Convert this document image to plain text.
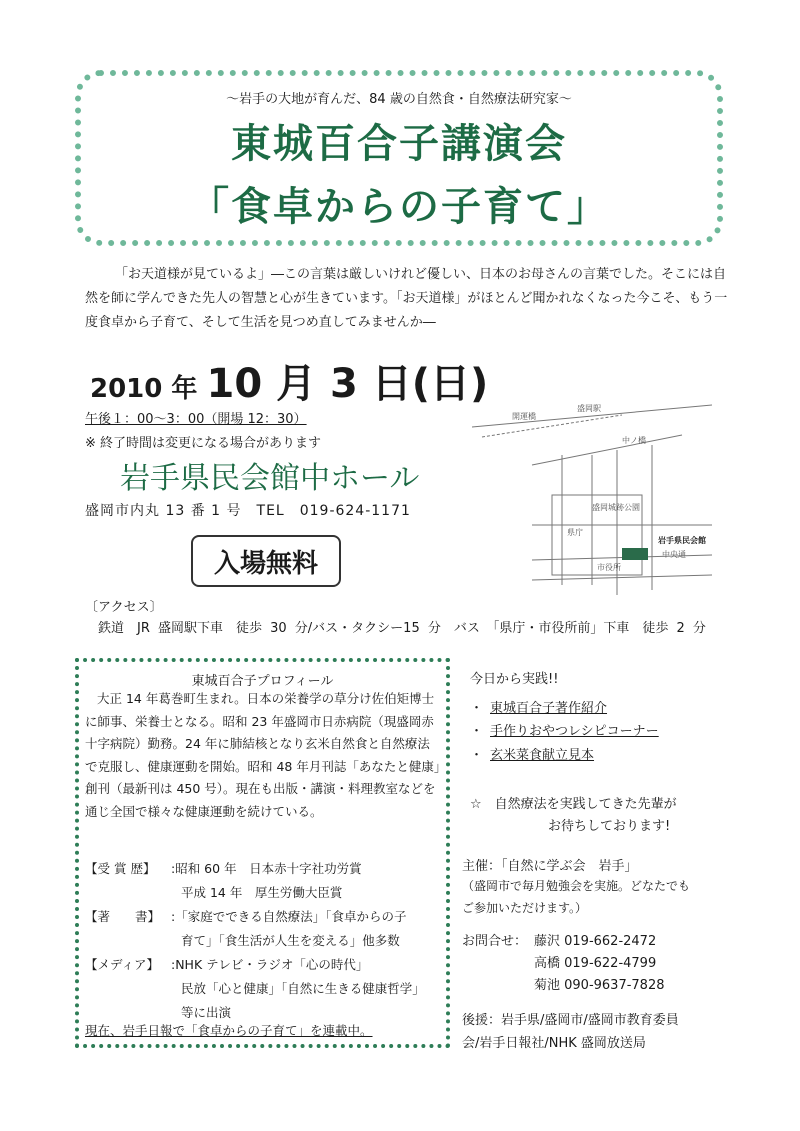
～岩手の大地が育んだ、84 歳の自然食・自然療法研究家～
東城百合子講演会
「食卓からの子育て」
「お天道様が見ているよ」―この言葉は厳しいけれど優しい、日本のお母さんの言葉でした。そこには自然を師に学んできた先人の智慧と心が生きています。「お天道様」がほとんど聞かれなくなった今こそ、もう一度食卓から子育て、そして生活を見つめ直してみませんか―
2010 年 10 月 3 日(日)
午後１：00～3：00（開場 12：30）
※ 終了時間は変更になる場合があります
岩手県民会館中ホール
盛岡市内丸 13 番 1 号　TEL　019-624-1171
入場無料
〔アクセス〕
鉄道　JR 盛岡駅下車　徒歩 30 分/バス・タクシー15 分　バス　「県庁・市役所前」下車　徒歩 2 分
盛岡駅
岩手県民会館
中央通
県庁
市役所
中ノ橋
盛岡城跡公園
開運橋
東城百合子プロフィール
大正 14 年葛巻町生まれ。日本の栄養学の草分け佐伯矩博士に師事、栄養士となる。昭和 23 年盛岡市日赤病院（現盛岡赤十字病院）勤務。24 年に肺結核となり玄米自然食と自然療法で克服し、健康運動を開始。昭和 48 年月刊誌「あなたと健康」創刊（最新刊は 450 号）。現在も出版・講演・料理教室などを通じ全国で様々な健康運動を続けている。
【受 賞 歴】 :昭和 60 年　日本赤十字社功労賞
平成 14 年　厚生労働大臣賞
【著　　書】 :「家庭でできる自然療法」「食卓からの子
育て」「食生活が人生を変える」他多数
【メディア】 :NHK テレビ・ラジオ「心の時代」
民放「心と健康」「自然に生きる健康哲学」
等に出演
現在、岩手日報で「食卓からの子育て」を連載中。
今日から実践!!
・ 東城百合子著作紹介
・ 手作りおやつレシピコーナー
・ 玄米菜食献立見本
☆　自然療法を実践してきた先輩が
お待ちしております!
主催：「自然に学ぶ会　岩手」
（盛岡市で毎月勉強会を実施。どなたでも
ご参加いただけます。）
お問合せ： 藤沢 019-662-2472
高橋 019-622-4799
菊池 090-9637-7828
後援：岩手県/盛岡市/盛岡市教育委員
会/岩手日報社/NHK 盛岡放送局
